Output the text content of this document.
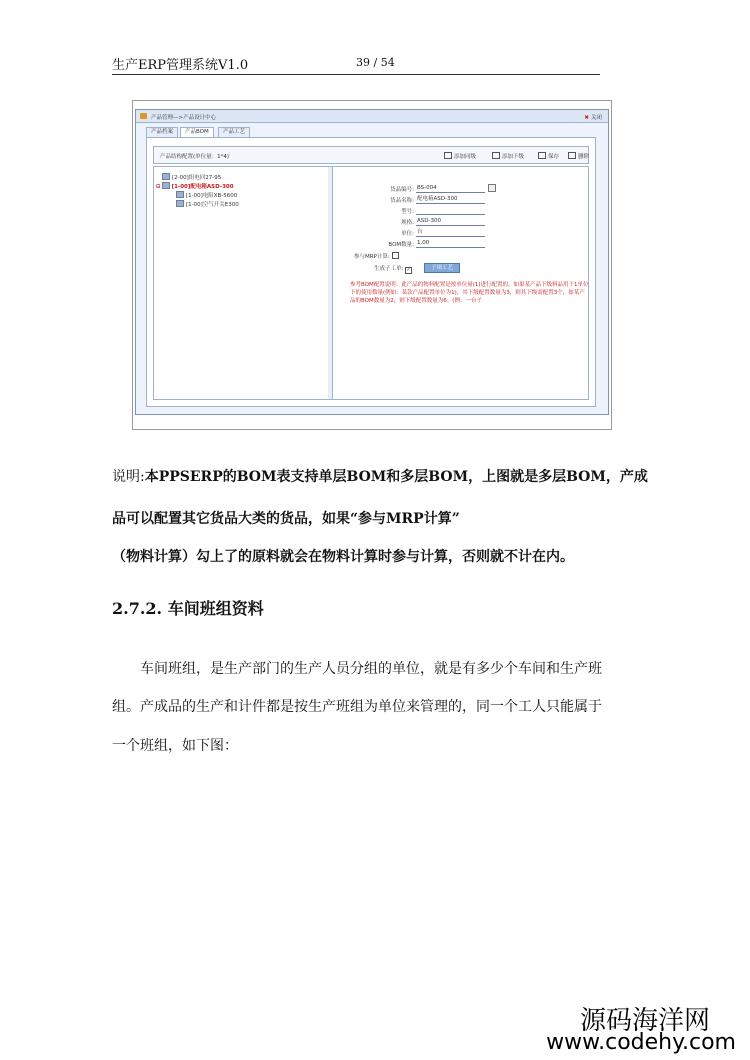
生产ERP管理系统V1.0	39 / 54
产品管理—>产品设计中心	✖ 关闭
产品档案	产品BOM	产品工艺
产品结构配置(单位量：1*4)	添加同级	添加下级	保存	删除
[2-00]组电回27-95
⊟ [1-00]配电箱ASD-300
[1-00]电阻XB-5600
[1-00]空气开关E300
货品编号: BS-004
货品名称: 配电箱ASD-300
型号:
规格: ASD-300
单位: 台
BOM数量: 1.00
参与MRP计算:
生成子工单: ✓	子项工艺
参考BOM配置说明：此产品的物料配置是按单位量(1)进行配置的，如果某产品下级料品用于1单位下的使用数量(例如：某款产品配置单位为1)，其下级配置数量为3，则其下级需配置3个，如某产品的BOM数量为2，则下级配置数量为6。(例：一台子
说明:本PPSERP的BOM表支持单层BOM和多层BOM，上图就是多层BOM，产成
品可以配置其它货品大类的货品，如果“参与MRP计算”
（物料计算）勾上了的原料就会在物料计算时参与计算，否则就不计在内。
2.7.2. 车间班组资料
车间班组，是生产部门的生产人员分组的单位，就是有多少个车间和生产班
组。产成品的生产和计件都是按生产班组为单位来管理的，同一个工人只能属于
一个班组，如下图：
源码海洋网
www.codehy.com
